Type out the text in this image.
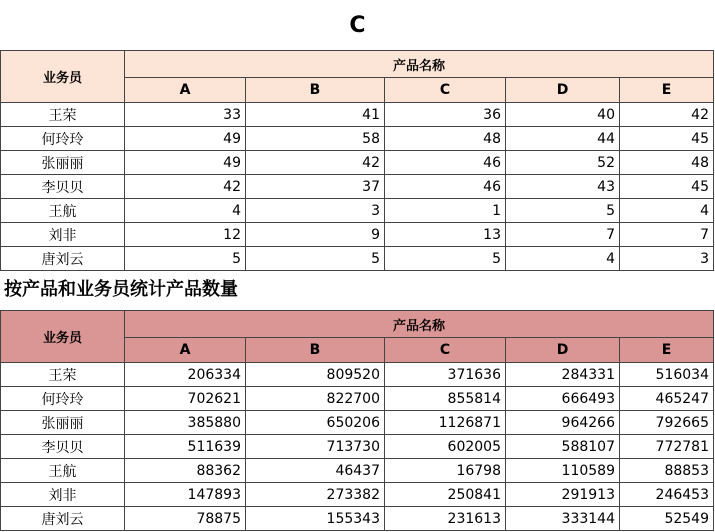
C
业务员	产品名称				
	A	B	C	D	E
王荣	33	41	36	40	42
何玲玲	49	58	48	44	45
张丽丽	49	42	46	52	48
李贝贝	42	37	46	43	45
王航	4	3	1	5	4
刘非	12	9	13	7	7
唐刘云	5	5	5	4	3
按产品和业务员统计产品数量
业务员	产品名称				
	A	B	C	D	E
王荣	206334	809520	371636	284331	516034
何玲玲	702621	822700	855814	666493	465247
张丽丽	385880	650206	1126871	964266	792665
李贝贝	511639	713730	602005	588107	772781
王航	88362	46437	16798	110589	88853
刘非	147893	273382	250841	291913	246453
唐刘云	78875	155343	231613	333144	52549
